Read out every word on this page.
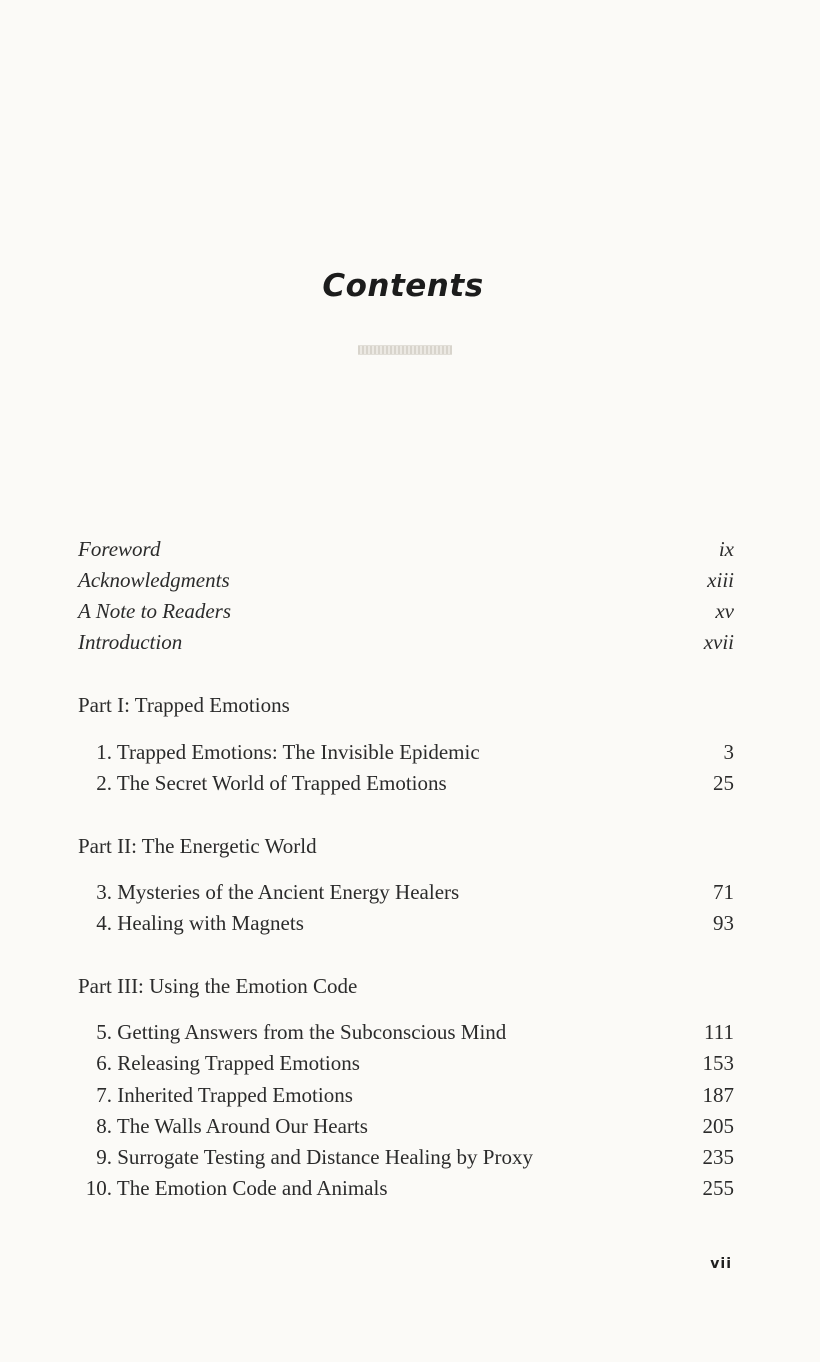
Contents
Foreword	ix
Acknowledgments	xiii
A Note to Readers	xv
Introduction	xvii
Part I: Trapped Emotions
1. Trapped Emotions: The Invisible Epidemic	3
2. The Secret World of Trapped Emotions	25
Part II: The Energetic World
3. Mysteries of the Ancient Energy Healers	71
4. Healing with Magnets	93
Part III: Using the Emotion Code
5. Getting Answers from the Subconscious Mind	111
6. Releasing Trapped Emotions	153
7. Inherited Trapped Emotions	187
8. The Walls Around Our Hearts	205
9. Surrogate Testing and Distance Healing by Proxy	235
10. The Emotion Code and Animals	255
vii
